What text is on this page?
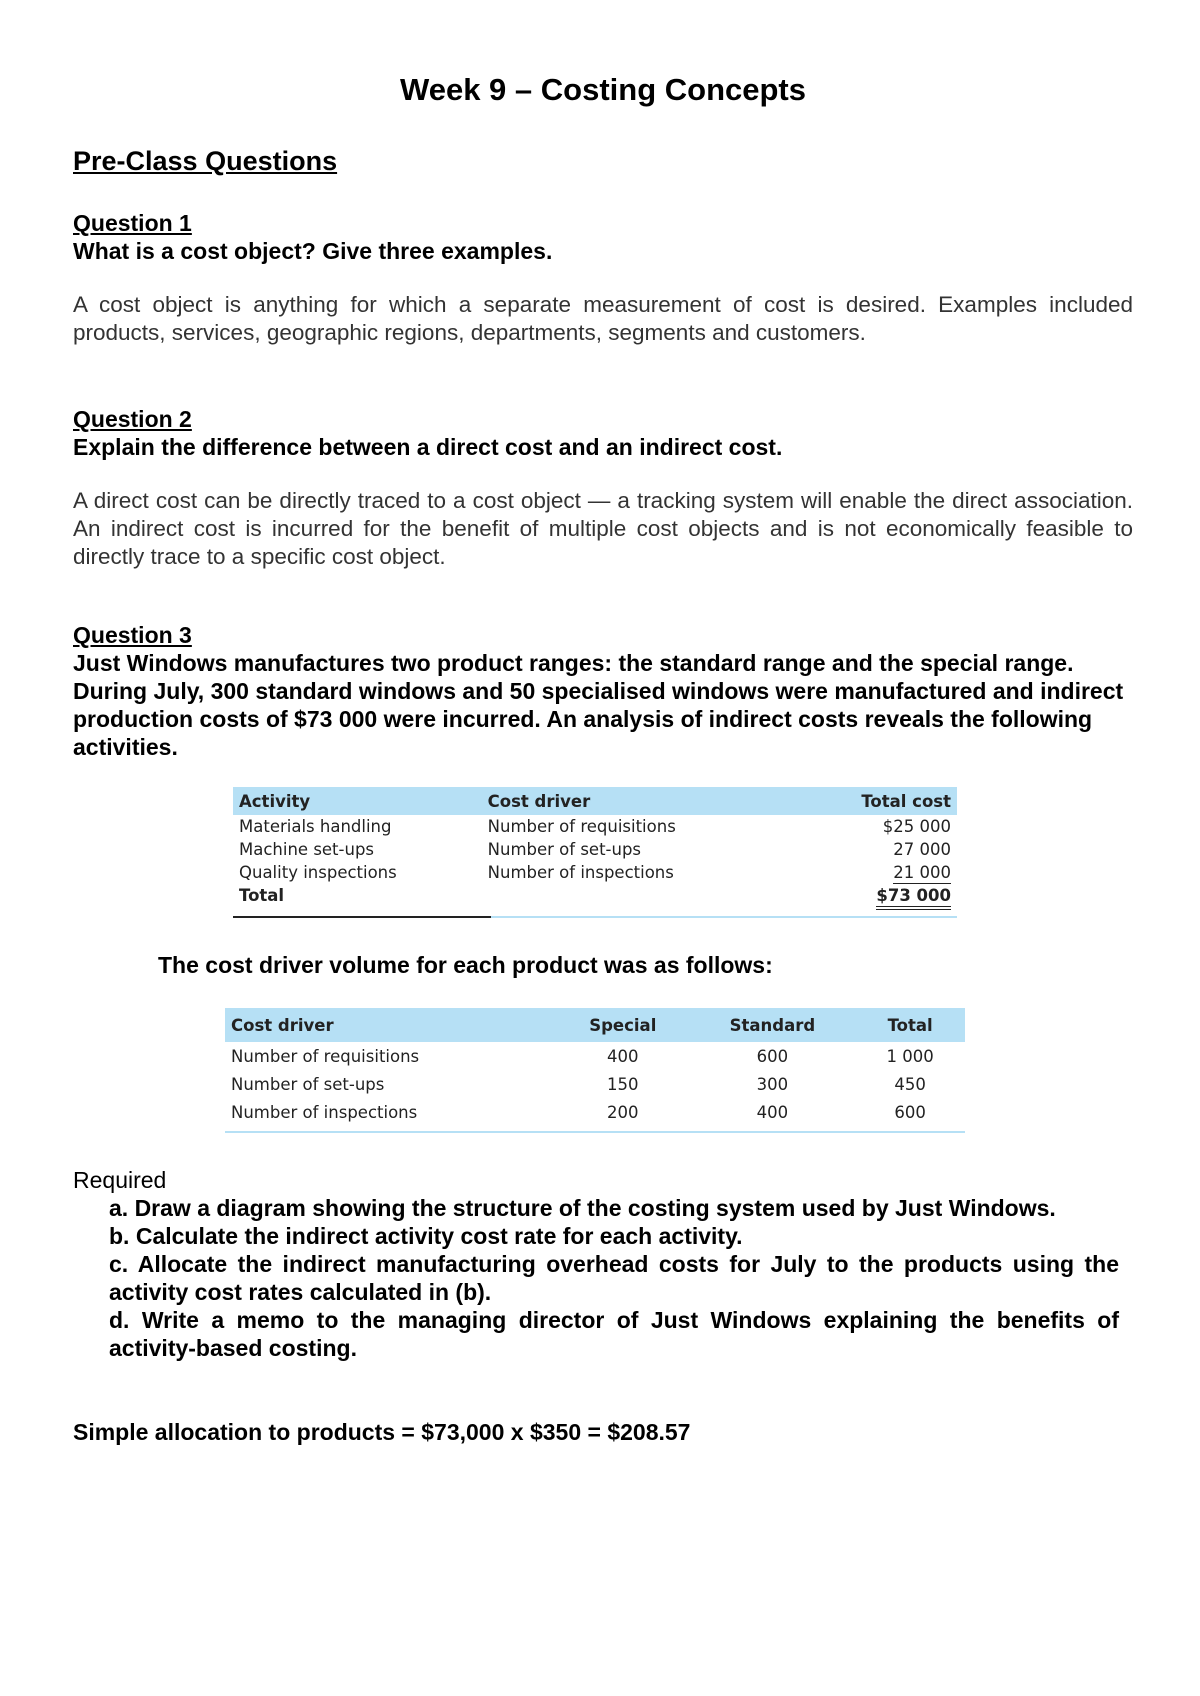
Week 9 – Costing Concepts
Pre-Class Questions

Question 1

What is a cost object? Give three examples.

A cost object is anything for which a separate measurement of cost is desired. Examples included products, services, geographic regions, departments, segments and customers.

Question 2

Explain the difference between a direct cost and an indirect cost.

A direct cost can be directly traced to a cost object — a tracking system will enable the direct association. An indirect cost is incurred for the benefit of multiple cost objects and is not economically feasible to directly trace to a specific cost object.

Question 3

Just Windows manufactures two product ranges: the standard range and the special range. During July, 300 standard windows and 50 specialised windows were manufactured and indirect production costs of $73 000 were incurred. An analysis of indirect costs reveals the following activities.

Activity	Cost driver	Total cost
Materials handling	Number of requisitions	$25 000
Machine set-ups	Number of set-ups	27 000
Quality inspections	Number of inspections	21 000
Total		$73 000

The cost driver volume for each product was as follows:

Cost driver	Special	Standard	Total
Number of requisitions	400	600	1 000
Number of set-ups	150	300	450
Number of inspections	200	400	600

Required

a. Draw a diagram showing the structure of the costing system used by Just Windows.
b. Calculate the indirect activity cost rate for each activity.
c. Allocate the indirect manufacturing overhead costs for July to the products using the activity cost rates calculated in (b).
d. Write a memo to the managing director of Just Windows explaining the benefits of activity-based costing.

Simple allocation to products = $73,000 x $350 = $208.57
